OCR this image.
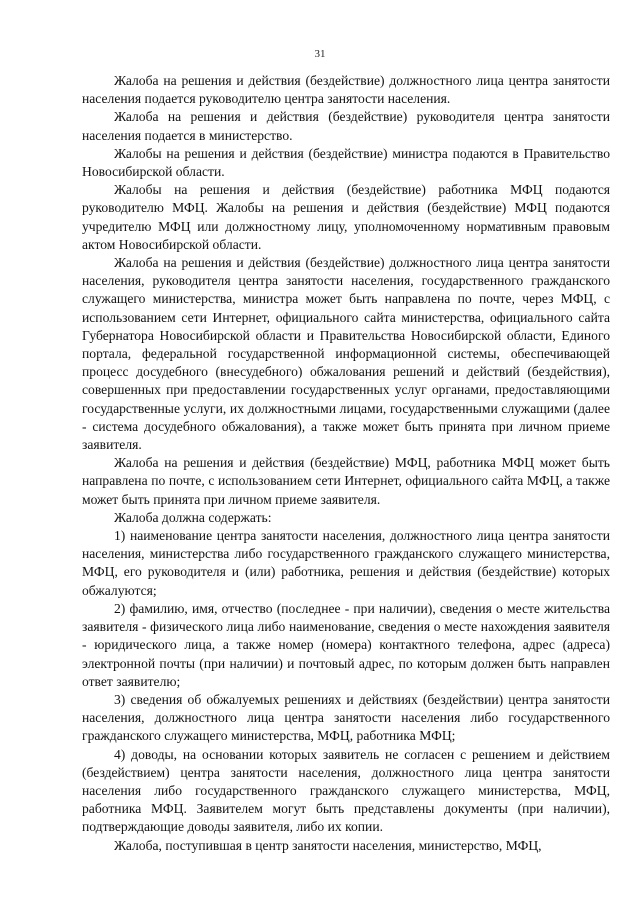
31

Жалоба на решения и действия (бездействие) должностного лица центра занятости населения подается руководителю центра занятости населения.

Жалоба на решения и действия (бездействие) руководителя центра занятости населения подается в министерство.

Жалобы на решения и действия (бездействие) министра подаются в Правительство Новосибирской области.

Жалобы на решения и действия (бездействие) работника МФЦ подаются руководителю МФЦ. Жалобы на решения и действия (бездействие) МФЦ подаются учредителю МФЦ или должностному лицу, уполномоченному нормативным правовым актом Новосибирской области.

Жалоба на решения и действия (бездействие) должностного лица центра занятости населения, руководителя центра занятости населения, государственного гражданского служащего министерства, министра может быть направлена по почте, через МФЦ, с использованием сети Интернет, официального сайта министерства, официального сайта Губернатора Новосибирской области и Правительства Новосибирской области, Единого портала, федеральной государственной информационной системы, обеспечивающей процесс досудебного (внесудебного) обжалования решений и действий (бездействия), совершенных при предоставлении государственных услуг органами, предоставляющими государственные услуги, их должностными лицами, государственными служащими (далее - система досудебного обжалования), а также может быть принята при личном приеме заявителя.

Жалоба на решения и действия (бездействие) МФЦ, работника МФЦ может быть направлена по почте, с использованием сети Интернет, официального сайта МФЦ, а также может быть принята при личном приеме заявителя.

Жалоба должна содержать:

1) наименование центра занятости населения, должностного лица центра занятости населения, министерства либо государственного гражданского служащего министерства, МФЦ, его руководителя и (или) работника, решения и действия (бездействие) которых обжалуются;

2) фамилию, имя, отчество (последнее - при наличии), сведения о месте жительства заявителя - физического лица либо наименование, сведения о месте нахождения заявителя - юридического лица, а также номер (номера) контактного телефона, адрес (адреса) электронной почты (при наличии) и почтовый адрес, по которым должен быть направлен ответ заявителю;

3) сведения об обжалуемых решениях и действиях (бездействии) центра занятости населения, должностного лица центра занятости населения либо государственного гражданского служащего министерства, МФЦ, работника МФЦ;

4) доводы, на основании которых заявитель не согласен с решением и действием (бездействием) центра занятости населения, должностного лица центра занятости населения либо государственного гражданского служащего министерства, МФЦ, работника МФЦ. Заявителем могут быть представлены документы (при наличии), подтверждающие доводы заявителя, либо их копии.

Жалоба, поступившая в центр занятости населения, министерство, МФЦ,
